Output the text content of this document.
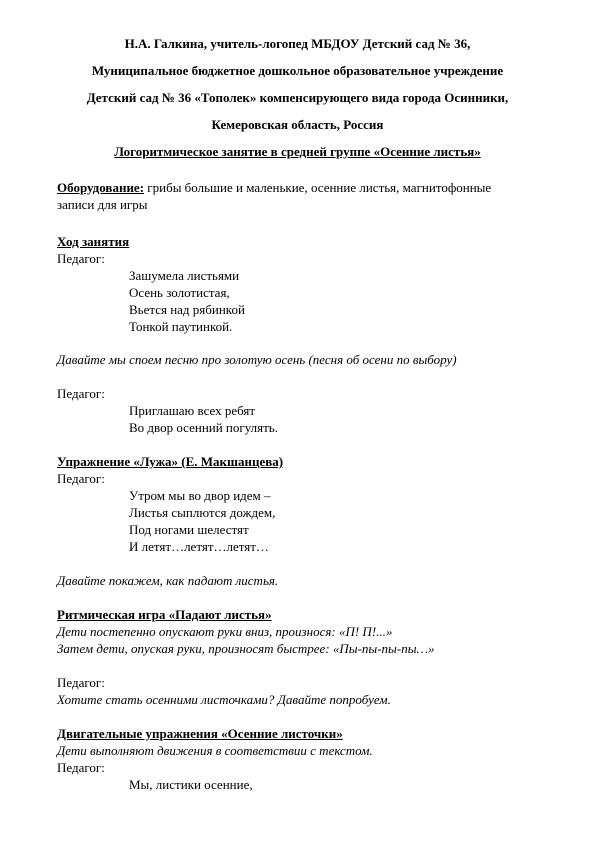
Н.А. Галкина, учитель-логопед МБДОУ Детский сад № 36,
Муниципальное бюджетное дошкольное образовательное учреждение
Детский сад № 36 «Тополек» компенсирующего вида города Осинники,
Кемеровская область, Россия
Логоритмическое занятие в средней группе «Осенние листья»
Оборудование: грибы большие и маленькие, осенние листья, магнитофонные
записи для игры
Ход занятия
Педагог:
Зашумела листьями
Осень золотистая,
Вьется над рябинкой
Тонкой паутинкой.
Давайте мы споем песню про золотую осень (песня об осени по выбору)
Педагог:
Приглашаю всех ребят
Во двор осенний погулять.
Упражнение «Лужа» (Е. Макшанцева)
Педагог:
Утром мы во двор идем –
Листья сыплются дождем,
Под ногами шелестят
И летят…летят…летят…
Давайте покажем, как падают листья.
Ритмическая игра «Падают листья»
Дети постепенно опускают руки вниз, произнося: «П! П!...»
Затем дети, опуская руки, произносят быстрее: «Пы-пы-пы-пы…»
Педагог:
Хотите стать осенними листочками? Давайте попробуем.
Двигательные упражнения «Осенние листочки»
Дети выполняют движения в соответствии с текстом.
Педагог:
Мы, листики осенние,
